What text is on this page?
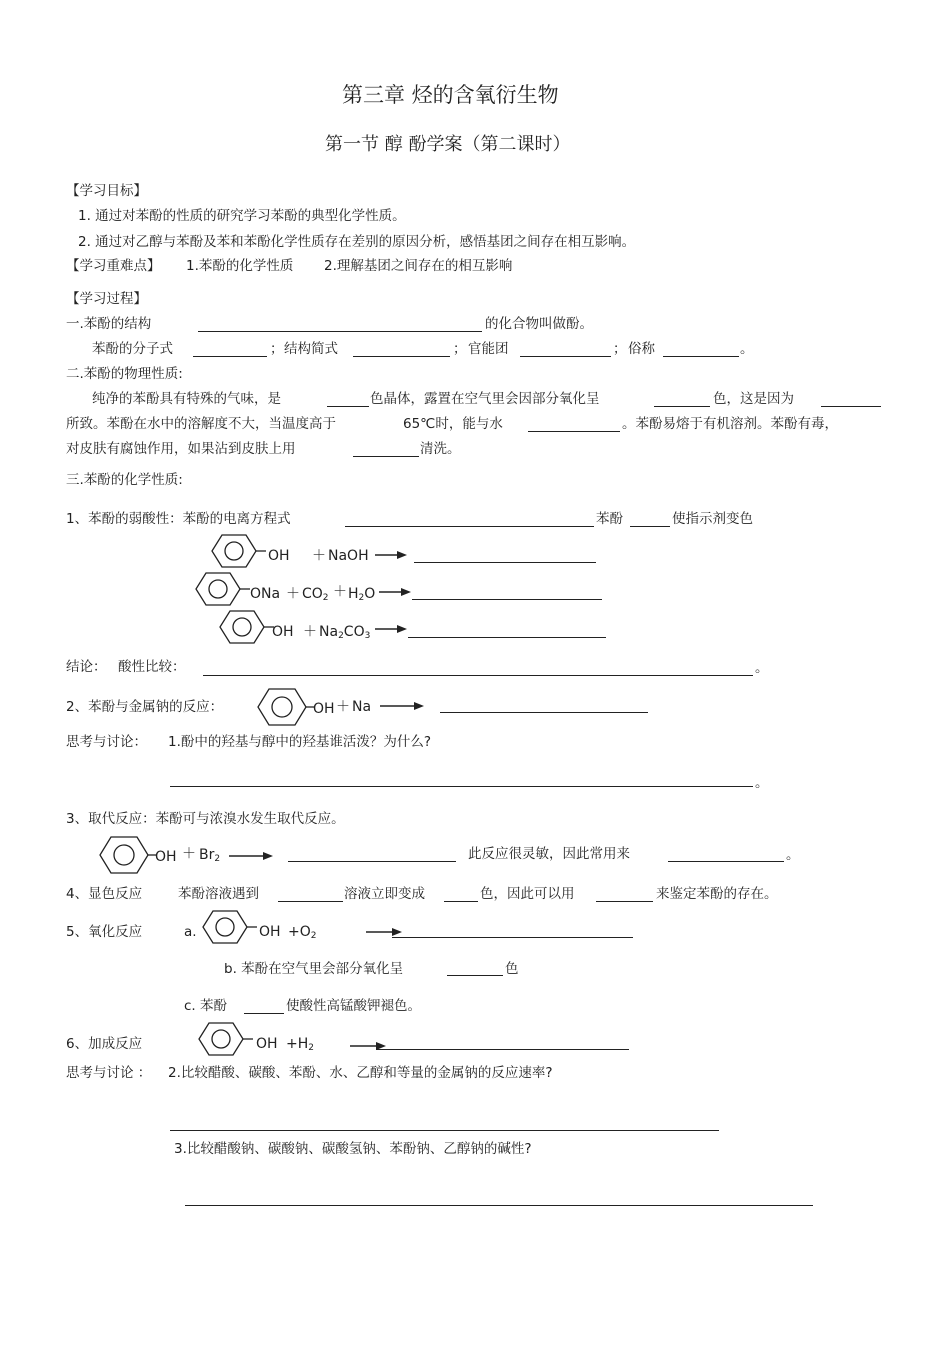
第三章 烃的含氧衍生物
第一节 醇 酚学案（第二课时）
【学习目标】
1. 通过对苯酚的性质的研究学习苯酚的典型化学性质。
2. 通过对乙醇与苯酚及苯和苯酚化学性质存在差别的原因分析，感悟基团之间存在相互影响。
【学习重难点】 1.苯酚的化学性质 2.理解基团之间存在的相互影响
【学习过程】
一.苯酚的结构	的化合物叫做酚。
苯酚的分子式	； 结构简式	； 官能团	； 俗称	。
二.苯酚的物理性质:
纯净的苯酚具有特殊的气味，是	色晶体，露置在空气里会因部分氧化呈	色，这是因为
所致。苯酚在水中的溶解度不大，当温度高于	65℃时，能与水	。苯酚易熔于有机溶剂。苯酚有毒，
对皮肤有腐蚀作用，如果沾到皮肤上用	清洗。
三.苯酚的化学性质:
1、苯酚的弱酸性：苯酚的电离方程式	苯酚	使指示剂变色
OH ＋ NaOH
ONa ＋ $CO_2 + H_2O$
OH ＋ $Na_2CO_3$
结论： 酸性比较：	。
2、苯酚与金属钠的反应：	OH ＋ Na
思考与讨论： 1.酚中的羟基与醇中的羟基谁活泼？为什么?
。
3、取代反应：苯酚可与浓溴水发生取代反应。
OH ＋ $Br_2$	此反应很灵敏，因此常用来	。
4、显色反应	苯酚溶液遇到	溶液立即变成	色，因此可以用	来鉴定苯酚的存在。
5、氧化反应	a.	OH $+O_2$
b. 苯酚在空气里会部分氧化呈	色
c. 苯酚	使酸性高锰酸钾褪色。
6、加成反应	OH $+H_2$
思考与讨论 ： 2.比较醋酸、碳酸、苯酚、水、乙醇和等量的金属钠的反应速率?
3.比较醋酸钠、碳酸钠、碳酸氢钠、苯酚钠、乙醇钠的碱性?
